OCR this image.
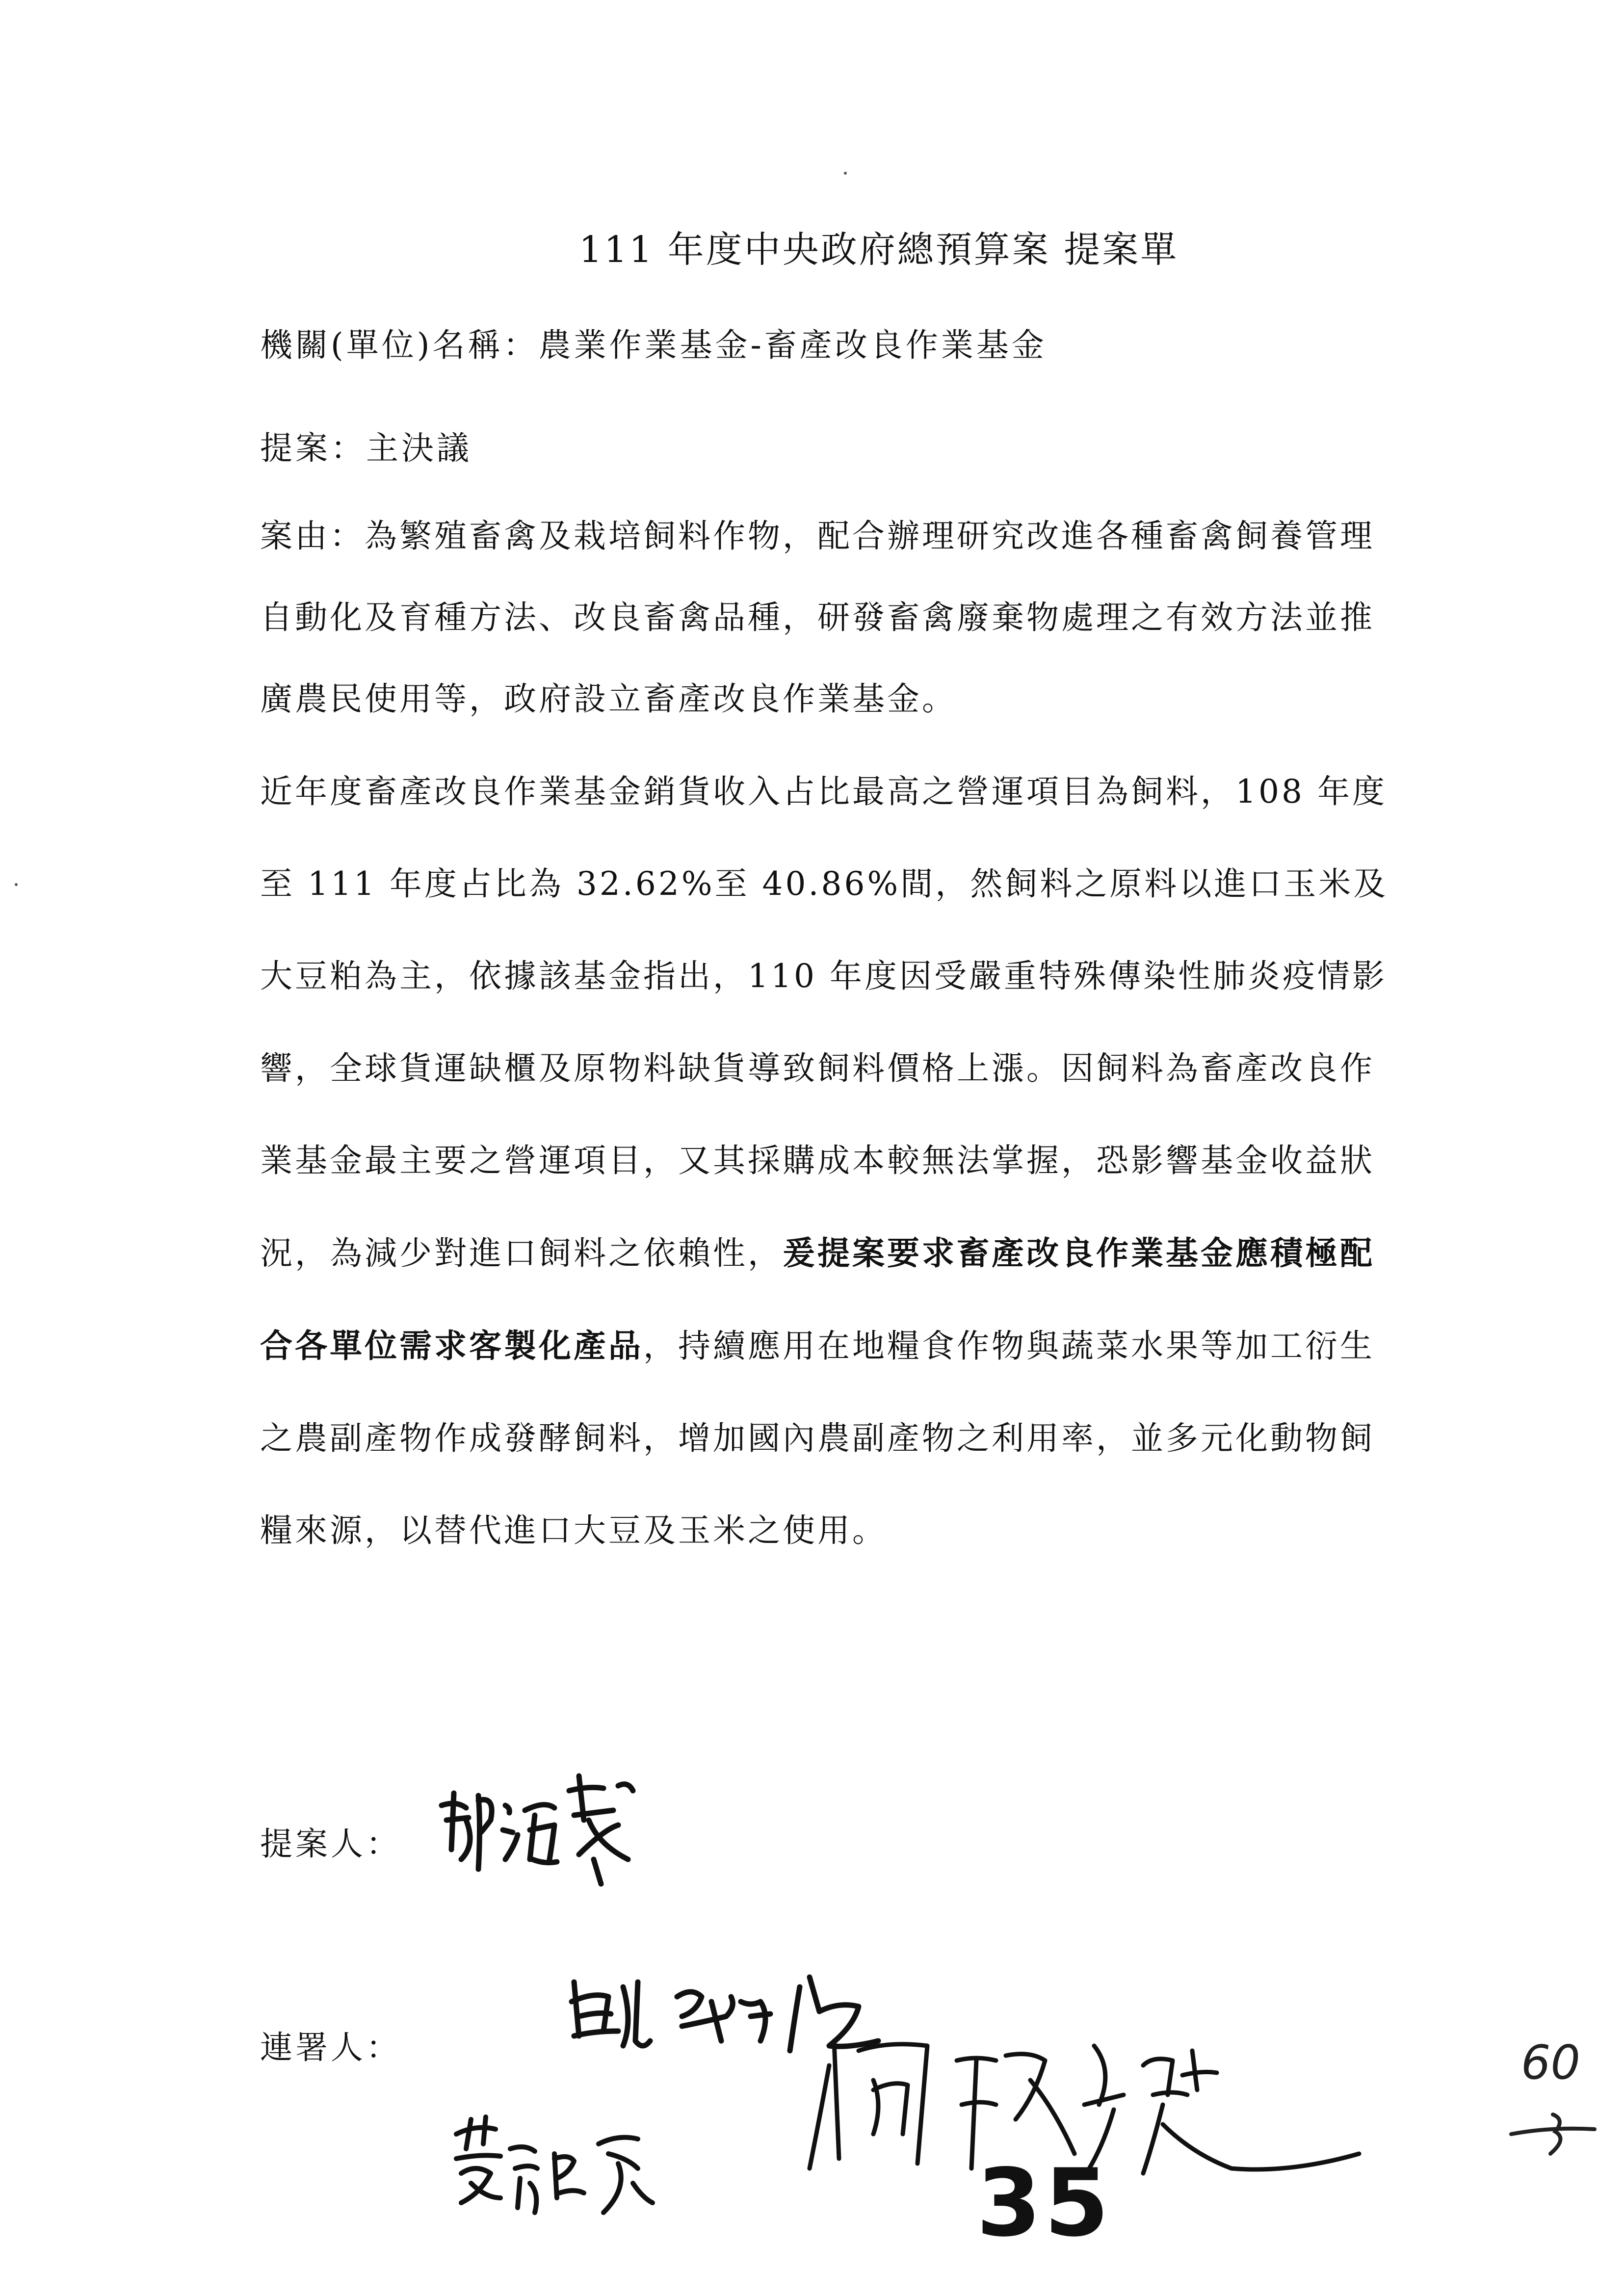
111 年度中央政府總預算案 提案單
機關(單位)名稱：農業作業基金-畜產改良作業基金
提案：主決議
案由：為繁殖畜禽及栽培飼料作物，配合辦理研究改進各種畜禽飼養管理自動化及育種方法、改良畜禽品種，研發畜禽廢棄物處理之有效方法並推廣農民使用等，政府設立畜產改良作業基金。
近年度畜產改良作業基金銷貨收入占比最高之營運項目為飼料，108 年度至 111 年度占比為 32.62%至 40.86%間，然飼料之原料以進口玉米及大豆粕為主，依據該基金指出，110 年度因受嚴重特殊傳染性肺炎疫情影響，全球貨運缺櫃及原物料缺貨導致飼料價格上漲。因飼料為畜產改良作業基金最主要之營運項目，又其採購成本較無法掌握，恐影響基金收益狀況，為減少對進口飼料之依賴性，爰提案要求畜產改良作業基金應積極配合各單位需求客製化產品，持續應用在地糧食作物與蔬菜水果等加工衍生之農副產物作成發酵飼料，增加國內農副產物之利用率，並多元化動物飼糧來源，以替代進口大豆及玉米之使用。
提案人：
連署人：
35
60
